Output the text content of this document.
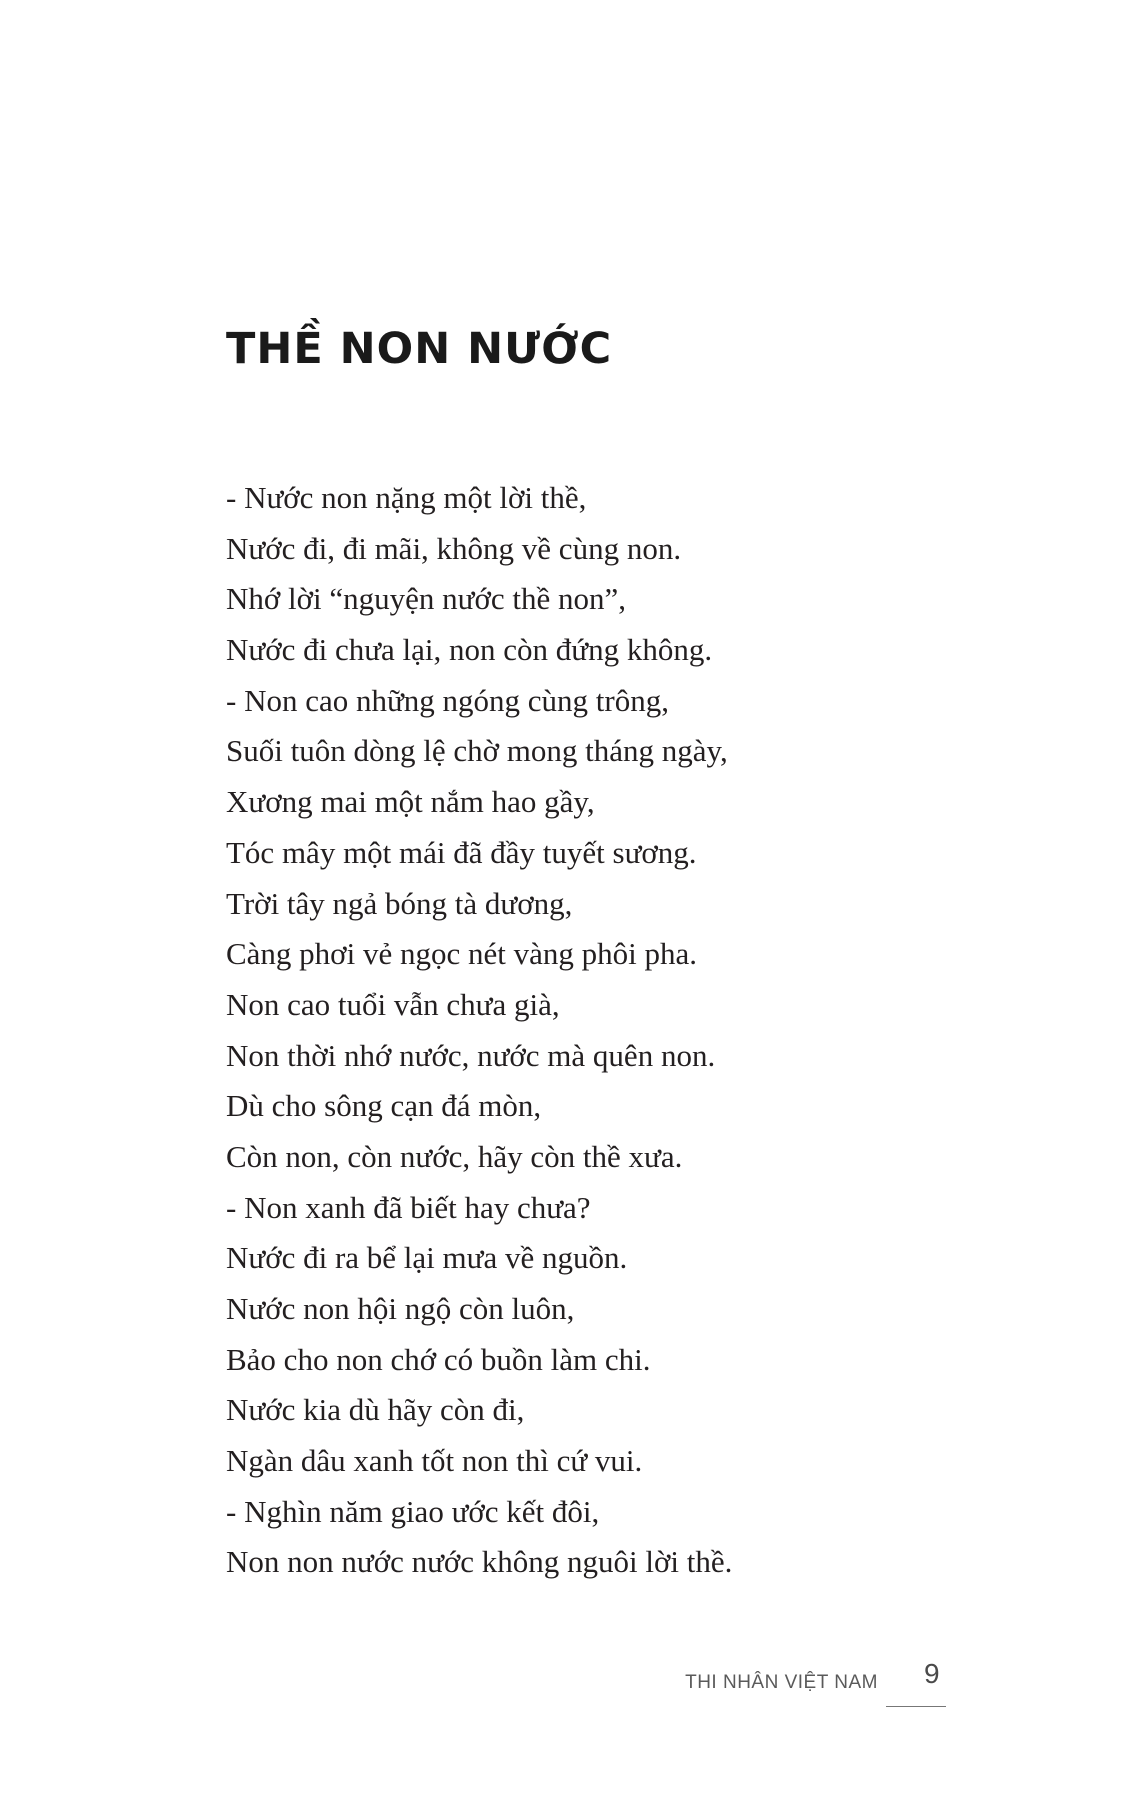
THỀ NON NƯỚC
- Nước non nặng một lời thề,
Nước đi, đi mãi, không về cùng non.
Nhớ lời “nguyện nước thề non”,
Nước đi chưa lại, non còn đứng không.
- Non cao những ngóng cùng trông,
Suối tuôn dòng lệ chờ mong tháng ngày,
Xương mai một nắm hao gầy,
Tóc mây một mái đã đầy tuyết sương.
Trời tây ngả bóng tà dương,
Càng phơi vẻ ngọc nét vàng phôi pha.
Non cao tuổi vẫn chưa già,
Non thời nhớ nước, nước mà quên non.
Dù cho sông cạn đá mòn,
Còn non, còn nước, hãy còn thề xưa.
- Non xanh đã biết hay chưa?
Nước đi ra bể lại mưa về nguồn.
Nước non hội ngộ còn luôn,
Bảo cho non chớ có buồn làm chi.
Nước kia dù hãy còn đi,
Ngàn dâu xanh tốt non thì cứ vui.
- Nghìn năm giao ước kết đôi,
Non non nước nước không nguôi lời thề.
THI NHÂN VIỆT NAM 9
